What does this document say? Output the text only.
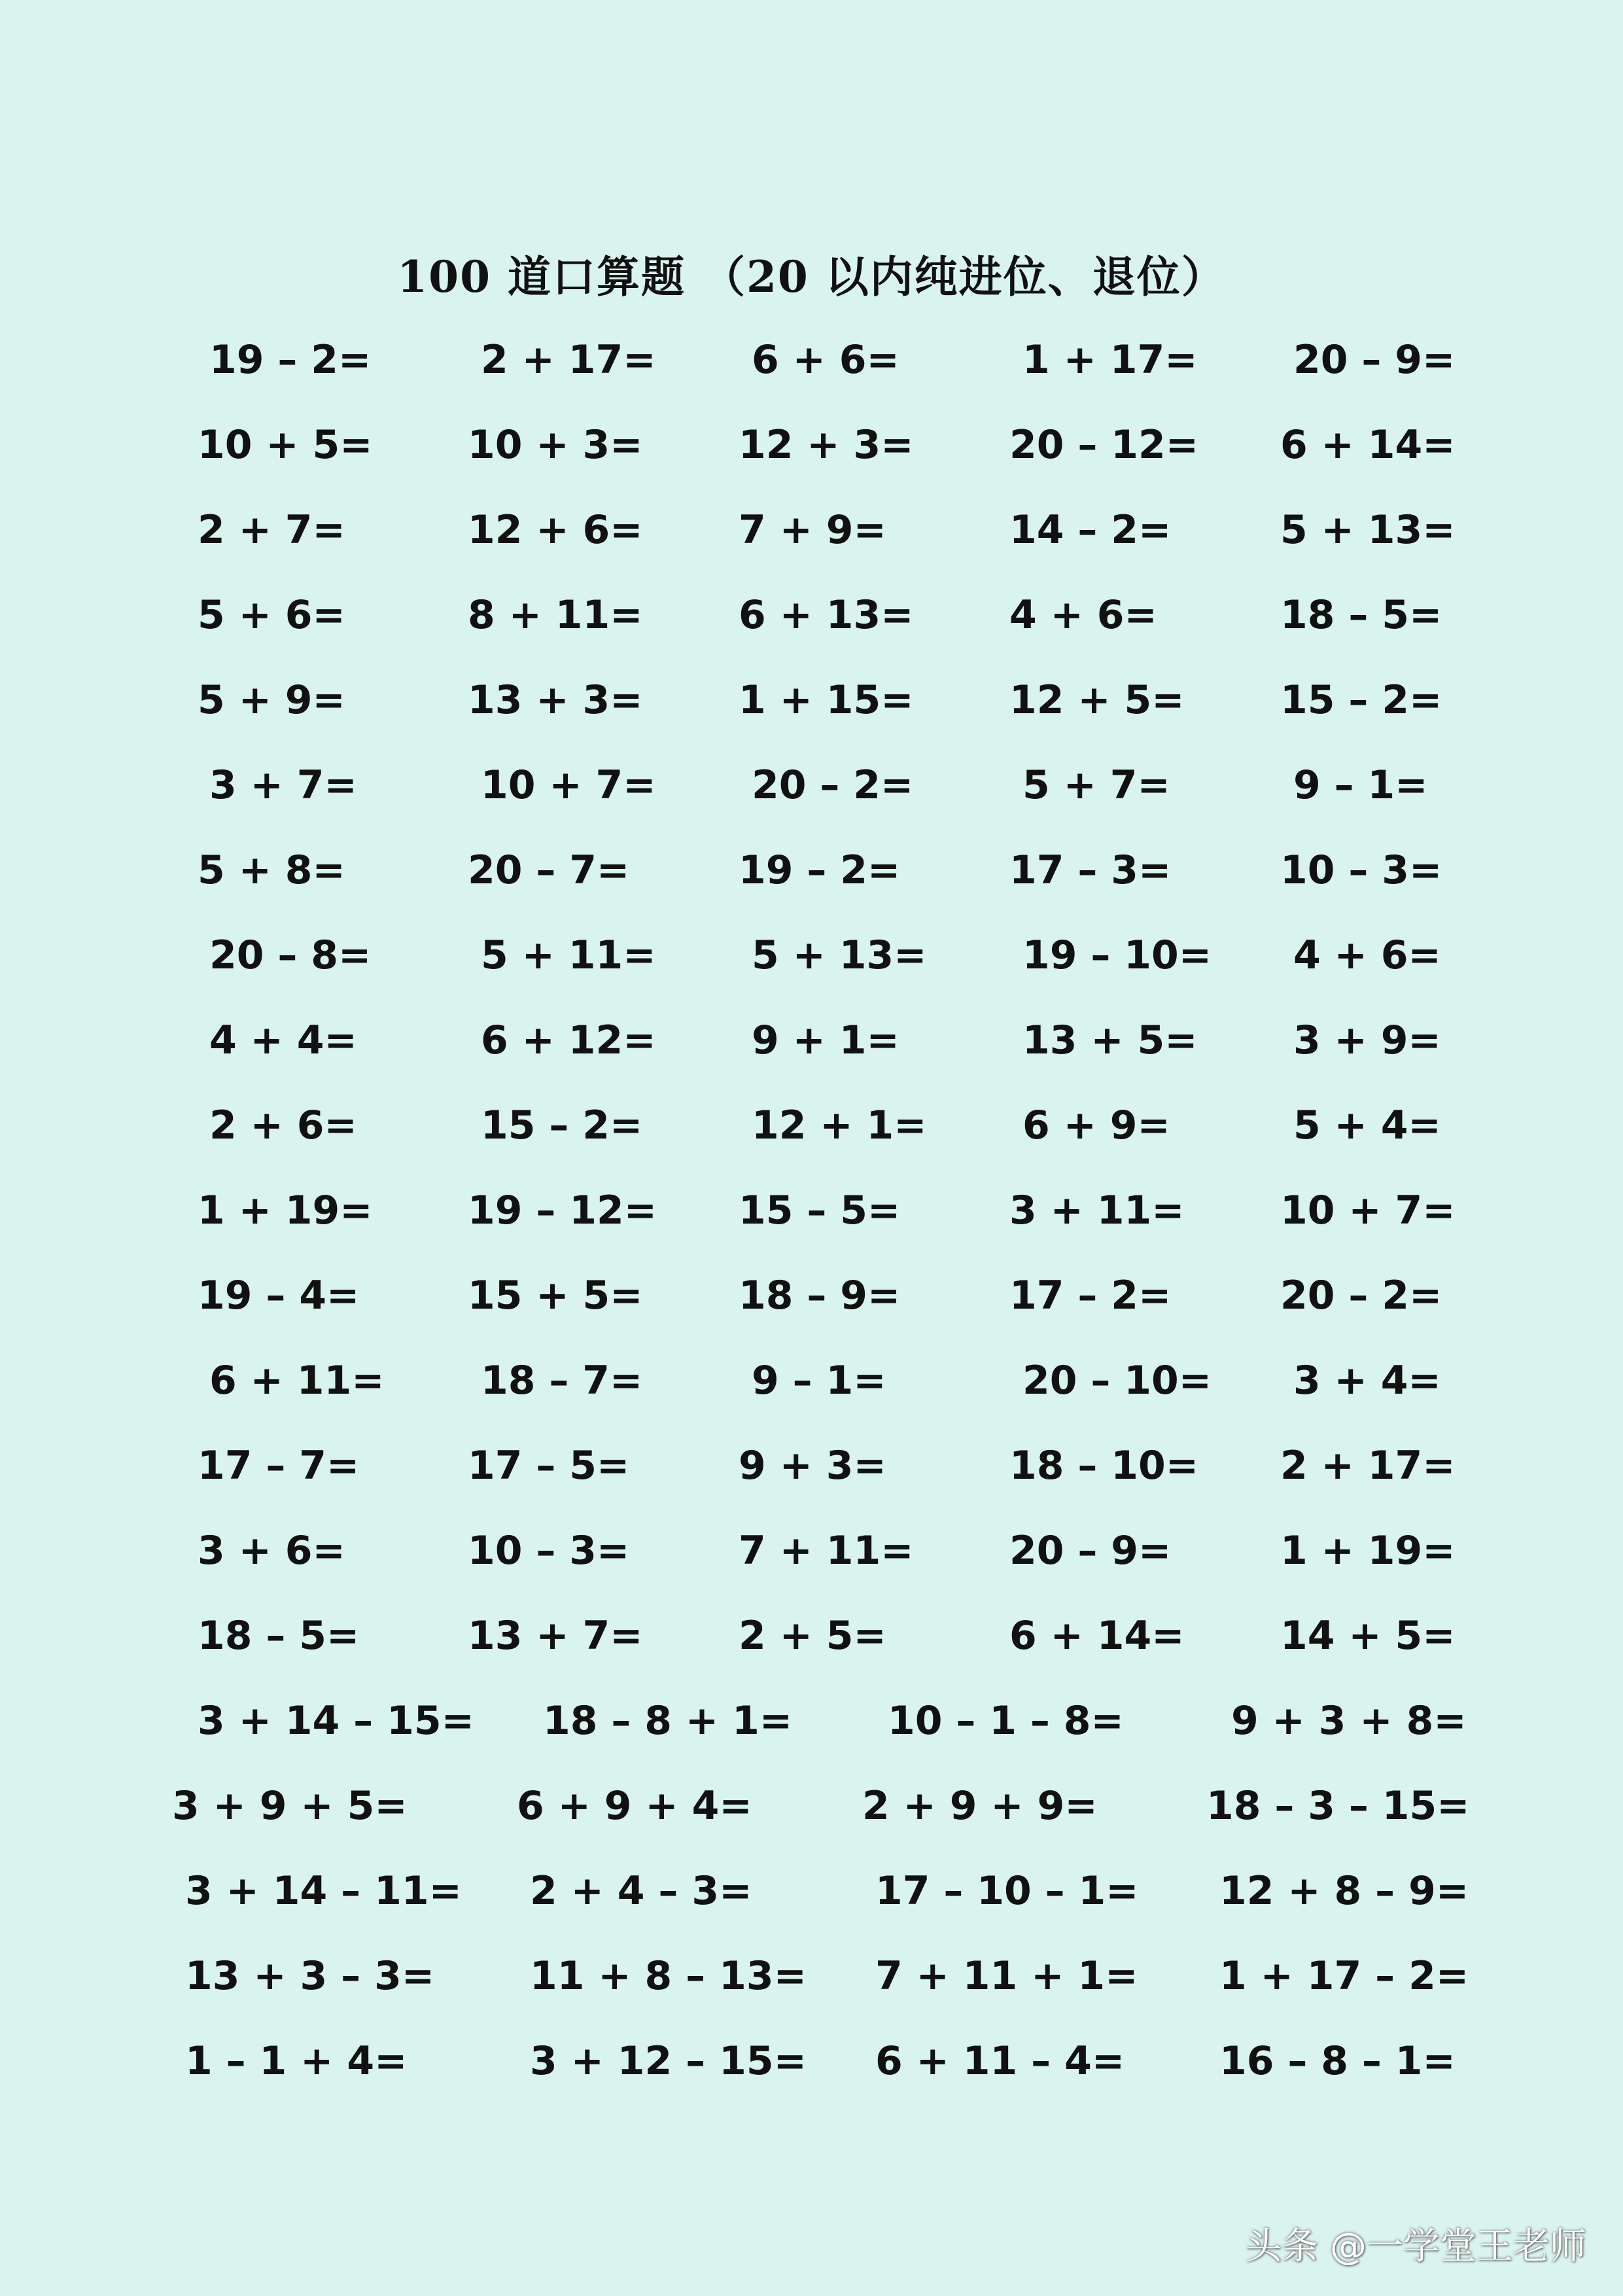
100 道口算题 （20 以内纯进位、退位）
19 – 2=	2 + 17= 6 + 6=	1 + 17= 20 – 9=
10 + 5= 10 + 3= 12 + 3= 20 – 12= 6 + 14=
2 + 7=	12 + 6= 7 + 9=	14 – 2=	5 + 13=
5 + 6=	8 + 11= 6 + 13= 4 + 6=	18 – 5=
5 + 9=	13 + 3= 1 + 15= 12 + 5= 15 – 2=
3 + 7=	10 + 7= 20 – 2=	5 + 7=	9 – 1=
5 + 8=	20 – 7=	19 – 2=	17 – 3=	10 – 3=
20 – 8=	5 + 11= 5 + 13= 19 – 10= 4 + 6=
4 + 4=	6 + 12= 9 + 1=	13 + 5= 3 + 9=
2 + 6=	15 – 2=	12 + 1= 6 + 9=	5 + 4=
1 + 19= 19 – 12= 15 – 5=	3 + 11= 10 + 7=
19 – 4=	15 + 5= 18 – 9=	17 – 2=	20 – 2=
6 + 11= 18 – 7=	9 – 1=	20 – 10= 3 + 4=
17 – 7=	17 – 5=	9 + 3=	18 – 10= 2 + 17=
3 + 6=	10 – 3=	7 + 11= 20 – 9=	1 + 19=
18 – 5=	13 + 7= 2 + 5=	6 + 14= 14 + 5=
3 + 14 – 15= 18 – 8 + 1= 10 – 1 – 8=	9 + 3 + 8=
3 + 9 + 5=	6 + 9 + 4=	2 + 9 + 9=	18 – 3 – 15=
3 + 14 – 11= 2 + 4 – 3=	17 – 10 – 1= 12 + 8 – 9=
13 + 3 – 3= 11 + 8 – 13= 7 + 11 + 1= 1 + 17 – 2=
1 – 1 + 4=	3 + 12 – 15= 6 + 11 – 4= 16 – 8 – 1=
头条 @一学堂王老师
